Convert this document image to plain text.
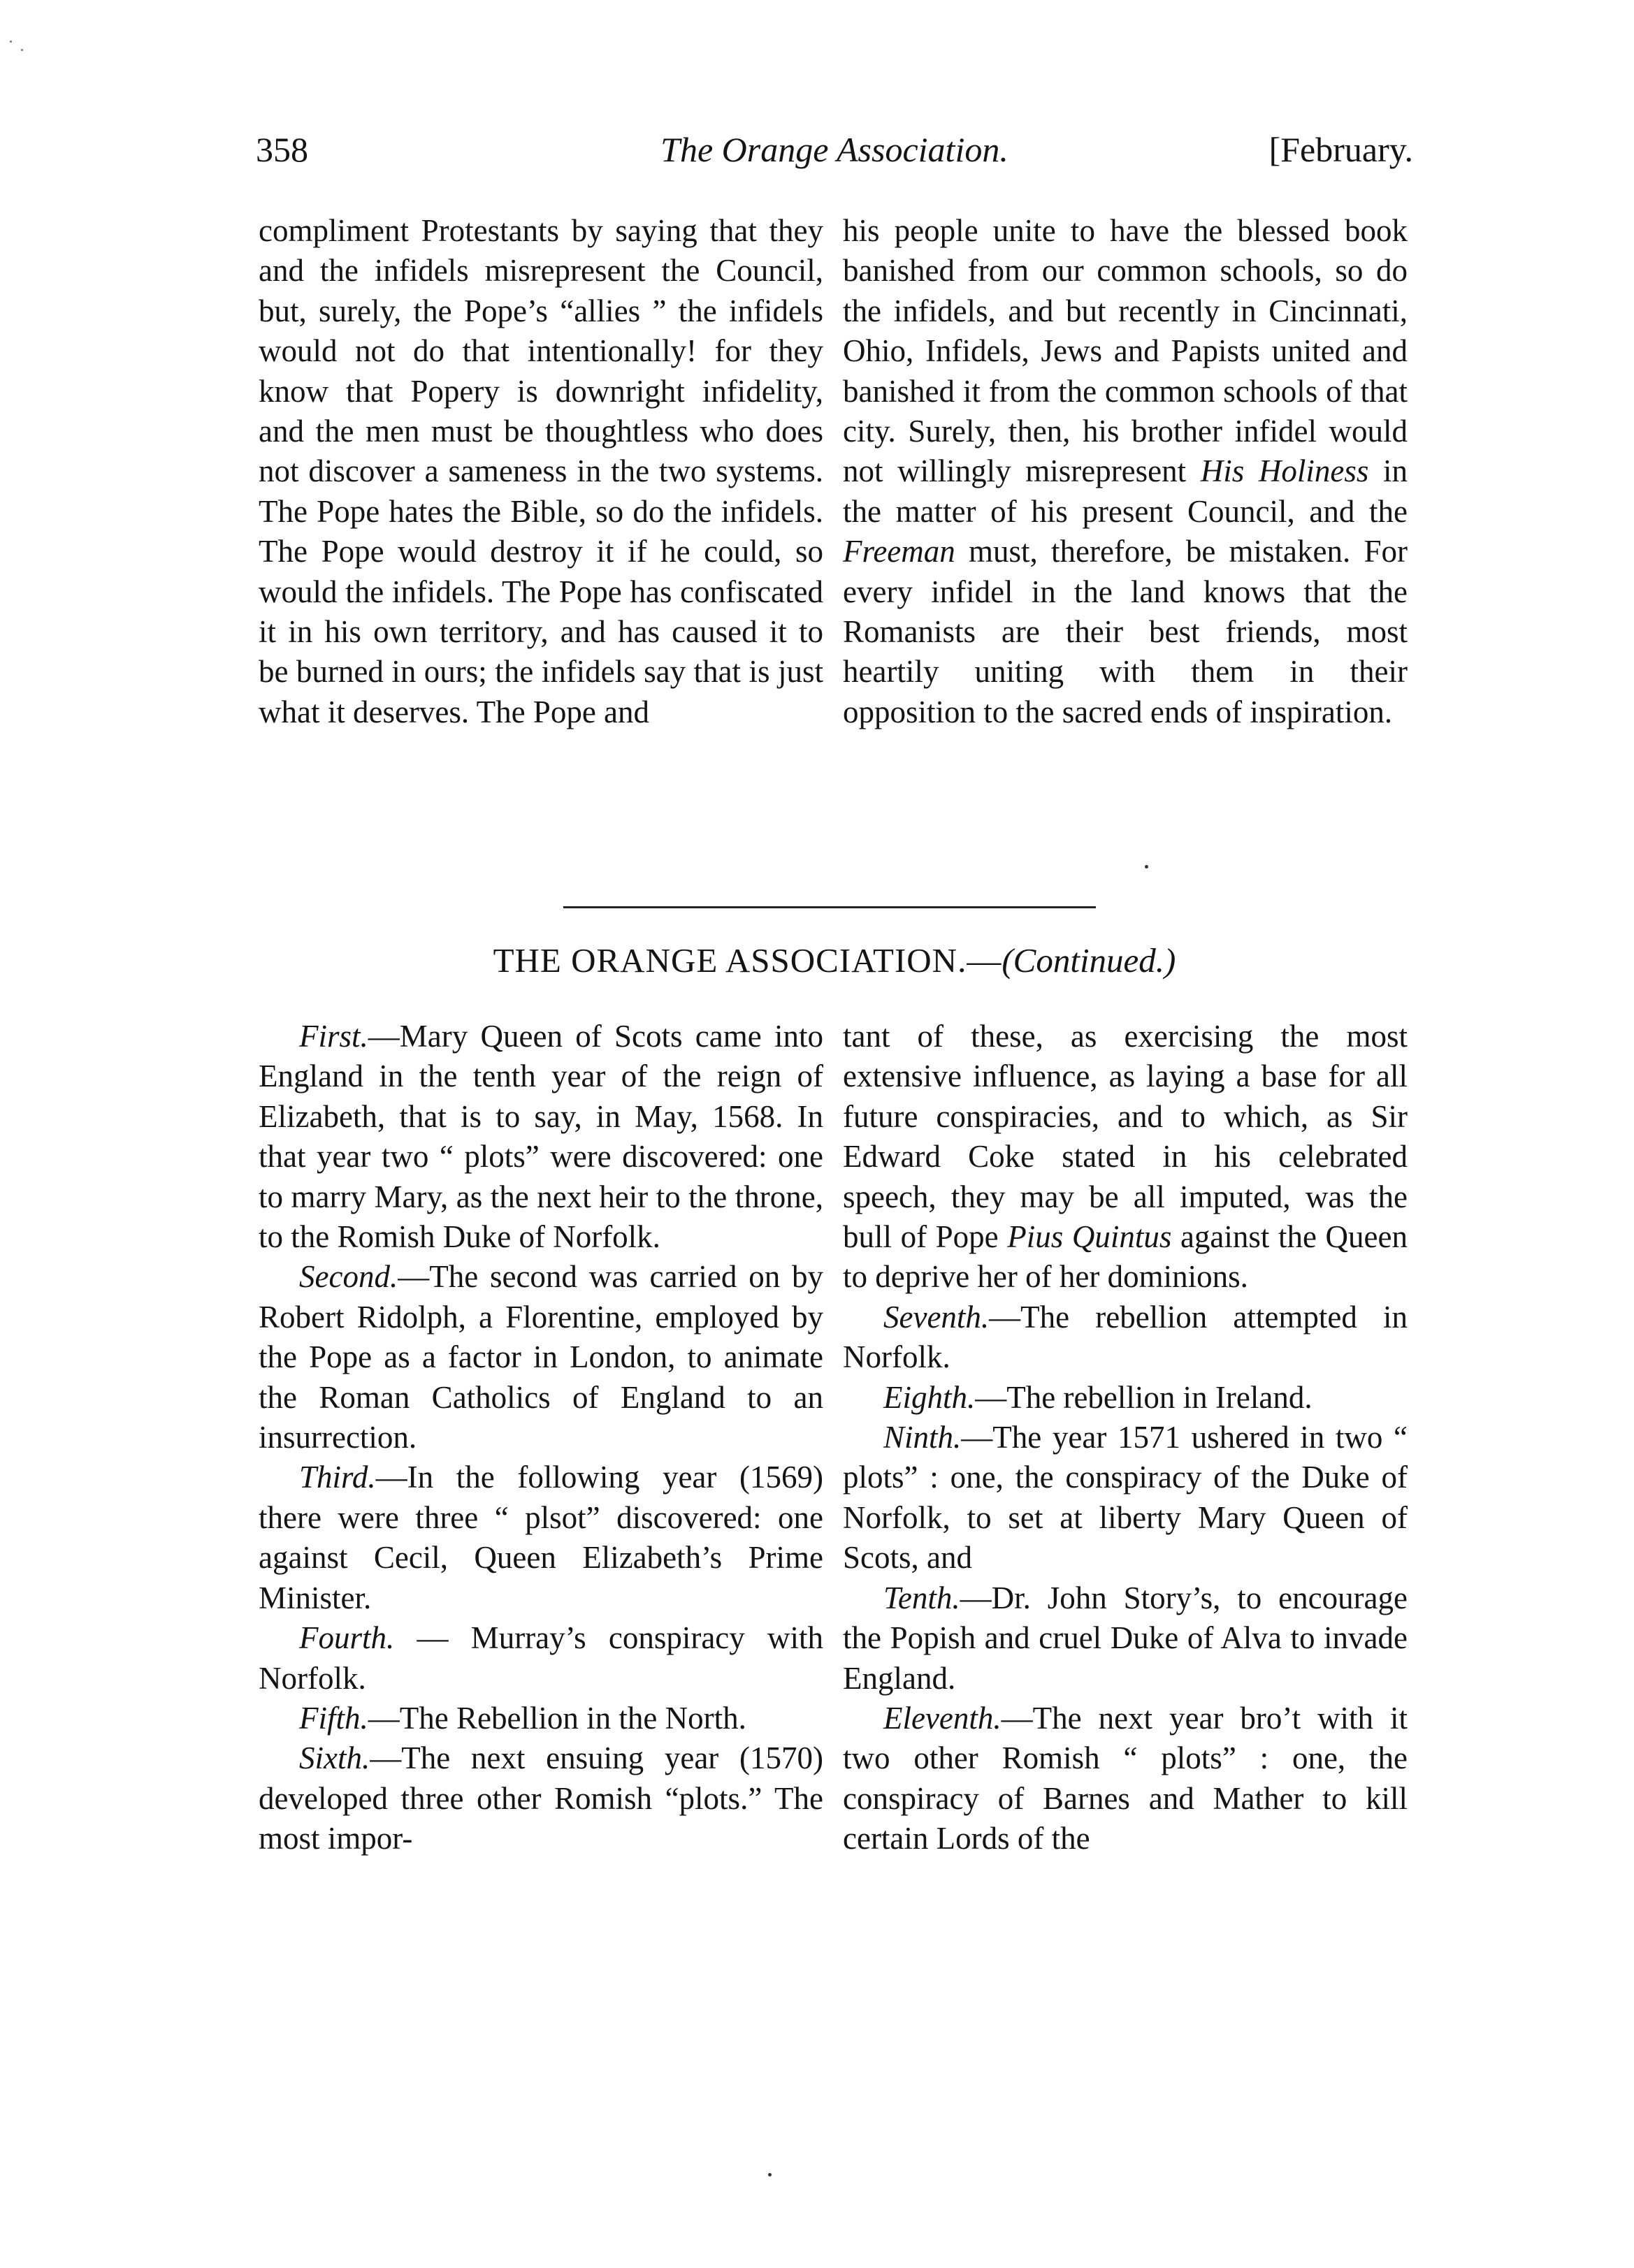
358	The Orange Association.	[February.

compliment Protestants by saying that they and the infidels misrepresent the Council, but, surely, the Pope’s “allies ” the infidels would not do that intentionally! for they know that Popery is downright infidelity, and the men must be thoughtless who does not discover a sameness in the two systems. The Pope hates the Bible, so do the infidels. The Pope would destroy it if he could, so would the infidels. The Pope has confiscated it in his own territory, and has caused it to be burned in ours; the infidels say that is just what it deserves. The Pope and

his people unite to have the blessed book banished from our common schools, so do the infidels, and but recently in Cincinnati, Ohio, Infidels, Jews and Papists united and banished it from the common schools of that city. Surely, then, his brother infidel would not willingly misrepresent His Holiness in the matter of his present Council, and the Freeman must, therefore, be mistaken. For every infidel in the land knows that the Romanists are their best friends, most heartily uniting with them in their opposition to the sacred ends of inspiration.

THE ORANGE ASSOCIATION.—(Continued.)

First.—Mary Queen of Scots came into England in the tenth year of the reign of Elizabeth, that is to say, in May, 1568. In that year two “ plots” were discovered: one to marry Mary, as the next heir to the throne, to the Romish Duke of Norfolk.

Second.—The second was carried on by Robert Ridolph, a Florentine, employed by the Pope as a factor in London, to animate the Roman Catholics of England to an insurrection.

Third.—In the following year (1569) there were three “ plsot” discovered: one against Cecil, Queen Elizabeth’s Prime Minister.

Fourth. — Murray’s conspiracy with Norfolk.

Fifth.—The Rebellion in the North.

Sixth.—The next ensuing year (1570) developed three other Romish “plots.” The most impor-

tant of these, as exercising the most extensive influence, as laying a base for all future conspiracies, and to which, as Sir Edward Coke stated in his celebrated speech, they may be all imputed, was the bull of Pope Pius Quintus against the Queen to deprive her of her dominions.

Seventh.—The rebellion attempted in Norfolk.

Eighth.—The rebellion in Ireland.

Ninth.—The year 1571 ushered in two “ plots” : one, the conspiracy of the Duke of Norfolk, to set at liberty Mary Queen of Scots, and

Tenth.—Dr. John Story’s, to encourage the Popish and cruel Duke of Alva to invade England.

Eleventh.—The next year bro’t with it two other Romish “ plots” : one, the conspiracy of Barnes and Mather to kill certain Lords of the
